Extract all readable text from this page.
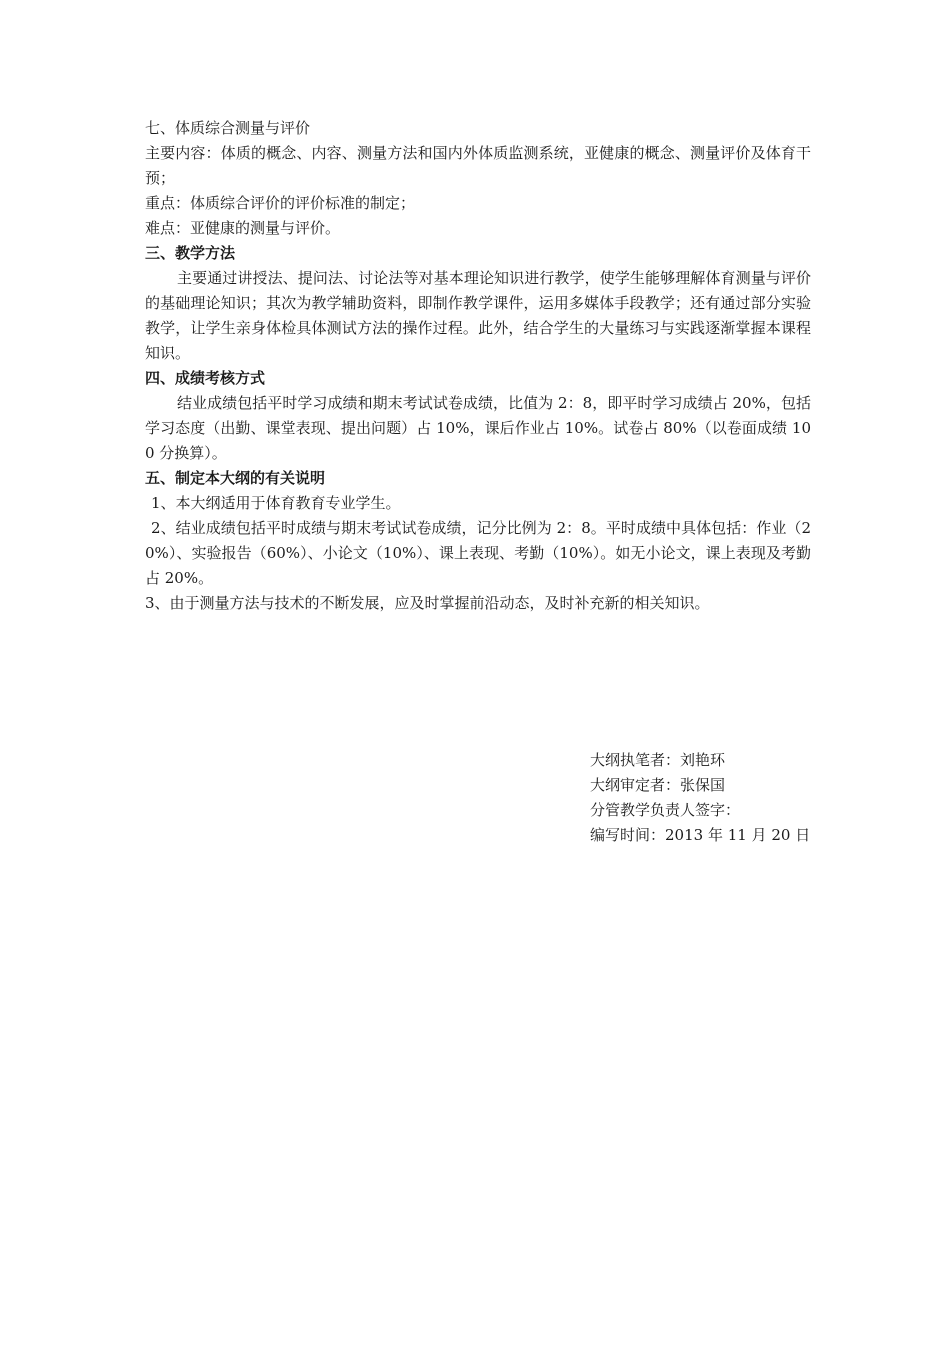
七、体质综合测量与评价

主要内容：体质的概念、内容、测量方法和国内外体质监测系统，亚健康的概念、测量评价及体育干预；

重点：体质综合评价的评价标准的制定；

难点：亚健康的测量与评价。

三、教学方法

主要通过讲授法、提问法、讨论法等对基本理论知识进行教学，使学生能够理解体育测量与评价的基础理论知识；其次为教学辅助资料，即制作教学课件，运用多媒体手段教学；还有通过部分实验教学，让学生亲身体检具体测试方法的操作过程。此外，结合学生的大量练习与实践逐渐掌握本课程知识。

四、成绩考核方式

结业成绩包括平时学习成绩和期末考试试卷成绩，比值为 2：8，即平时学习成绩占 20%，包括学习态度（出勤、课堂表现、提出问题）占 10%，课后作业占 10%。试卷占 80%（以卷面成绩 100 分换算）。

五、制定本大纲的有关说明

1、本大纲适用于体育教育专业学生。

2、结业成绩包括平时成绩与期末考试试卷成绩，记分比例为 2：8。平时成绩中具体包括：作业（20%）、实验报告（60%）、小论文（10%）、课上表现、考勤（10%）。如无小论文，课上表现及考勤占 20%。

3、由于测量方法与技术的不断发展，应及时掌握前沿动态，及时补充新的相关知识。

大纲执笔者：刘艳环

大纲审定者：张保国

分管教学负责人签字：

编写时间：2013 年 11 月 20 日
